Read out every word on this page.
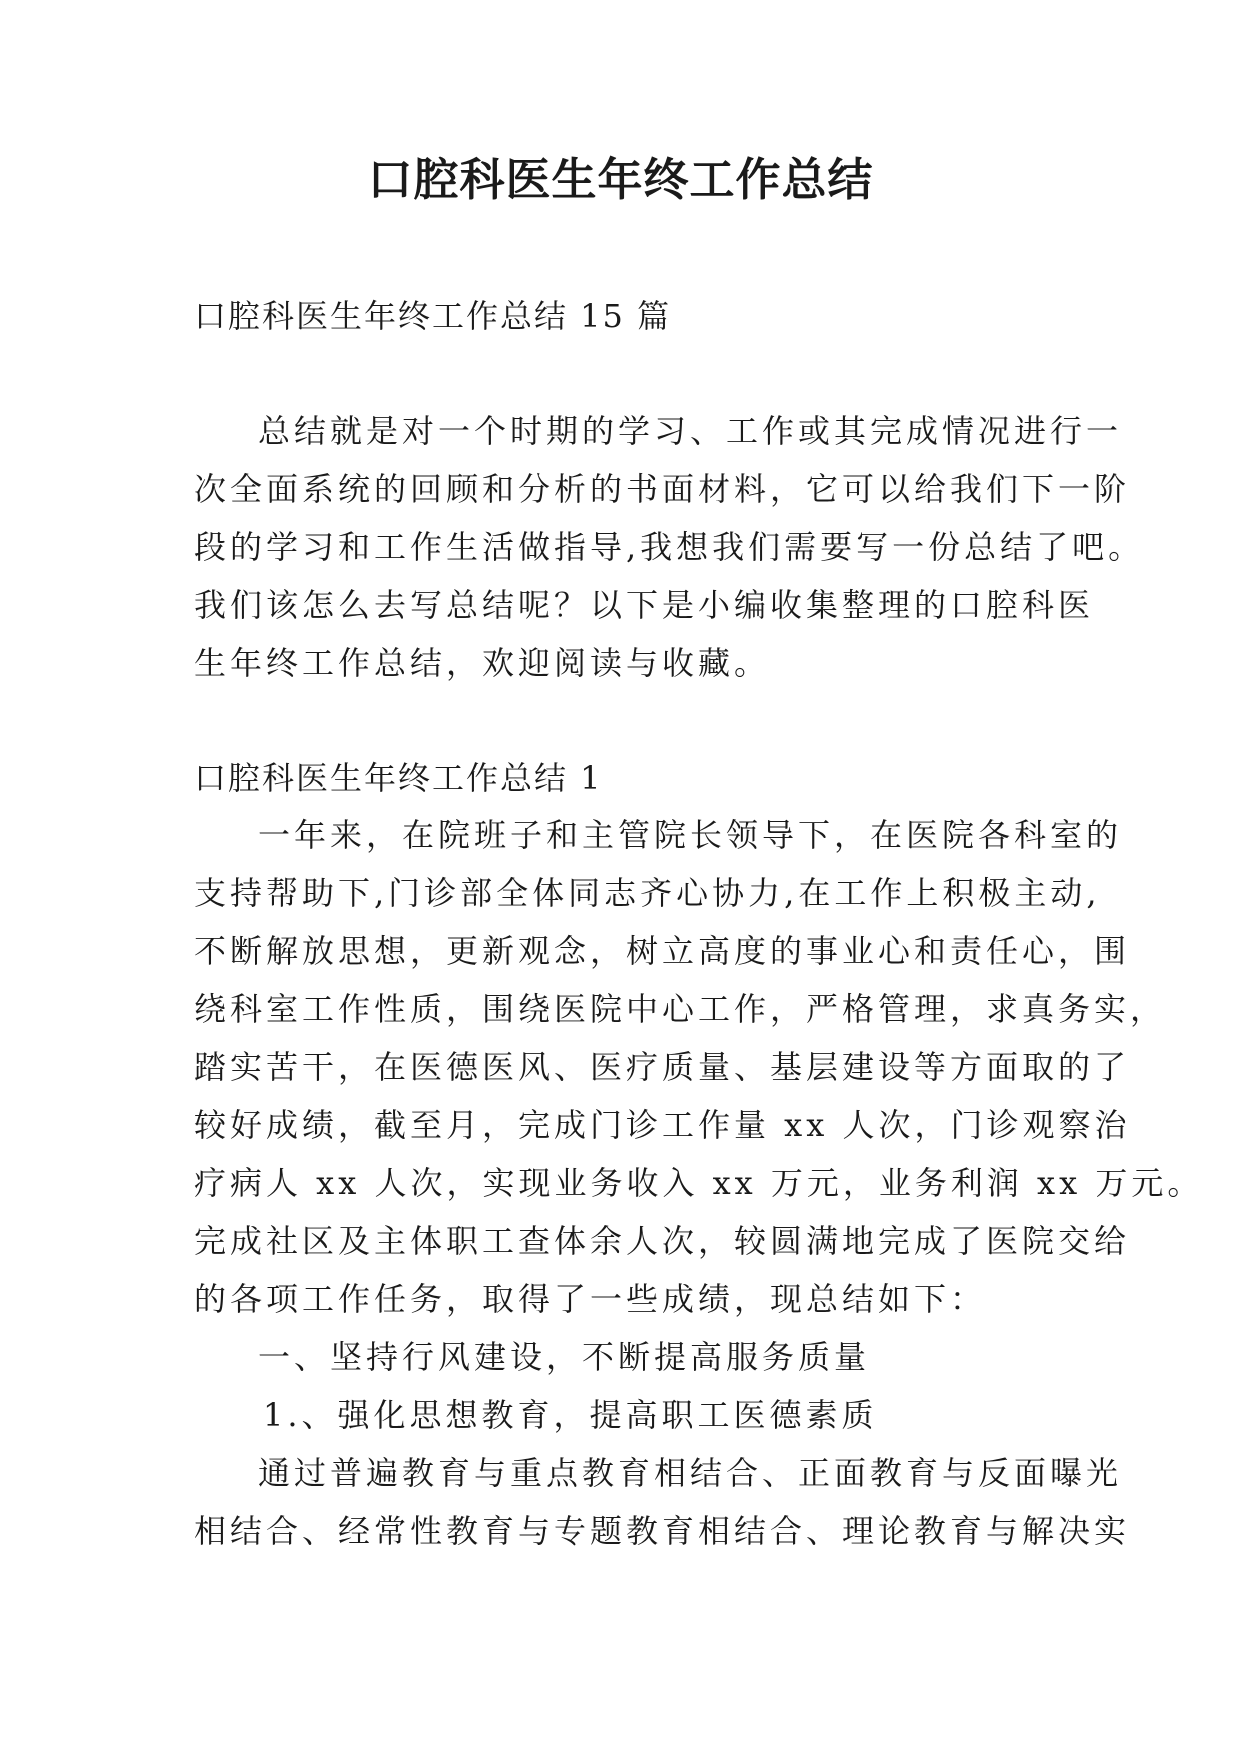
口腔科医生年终工作总结

口腔科医生年终工作总结 15 篇

总结就是对一个时期的学习、工作或其完成情况进行一

次全面系统的回顾和分析的书面材料，它可以给我们下一阶

段的学习和工作生活做指导,我想我们需要写一份总结了吧。

我们该怎么去写总结呢？以下是小编收集整理的口腔科医

生年终工作总结，欢迎阅读与收藏。

口腔科医生年终工作总结 1

一年来，在院班子和主管院长领导下，在医院各科室的

支持帮助下,门诊部全体同志齐心协力,在工作上积极主动,

不断解放思想，更新观念，树立高度的事业心和责任心，围

绕科室工作性质，围绕医院中心工作，严格管理，求真务实，

踏实苦干，在医德医风、医疗质量、基层建设等方面取的了

较好成绩，截至月，完成门诊工作量 xx 人次，门诊观察治

疗病人 xx 人次，实现业务收入 xx 万元，业务利润 xx 万元。

完成社区及主体职工查体余人次，较圆满地完成了医院交给

的各项工作任务，取得了一些成绩，现总结如下：

一、坚持行风建设，不断提高服务质量

1.、强化思想教育，提高职工医德素质

通过普遍教育与重点教育相结合、正面教育与反面曝光

相结合、经常性教育与专题教育相结合、理论教育与解决实
